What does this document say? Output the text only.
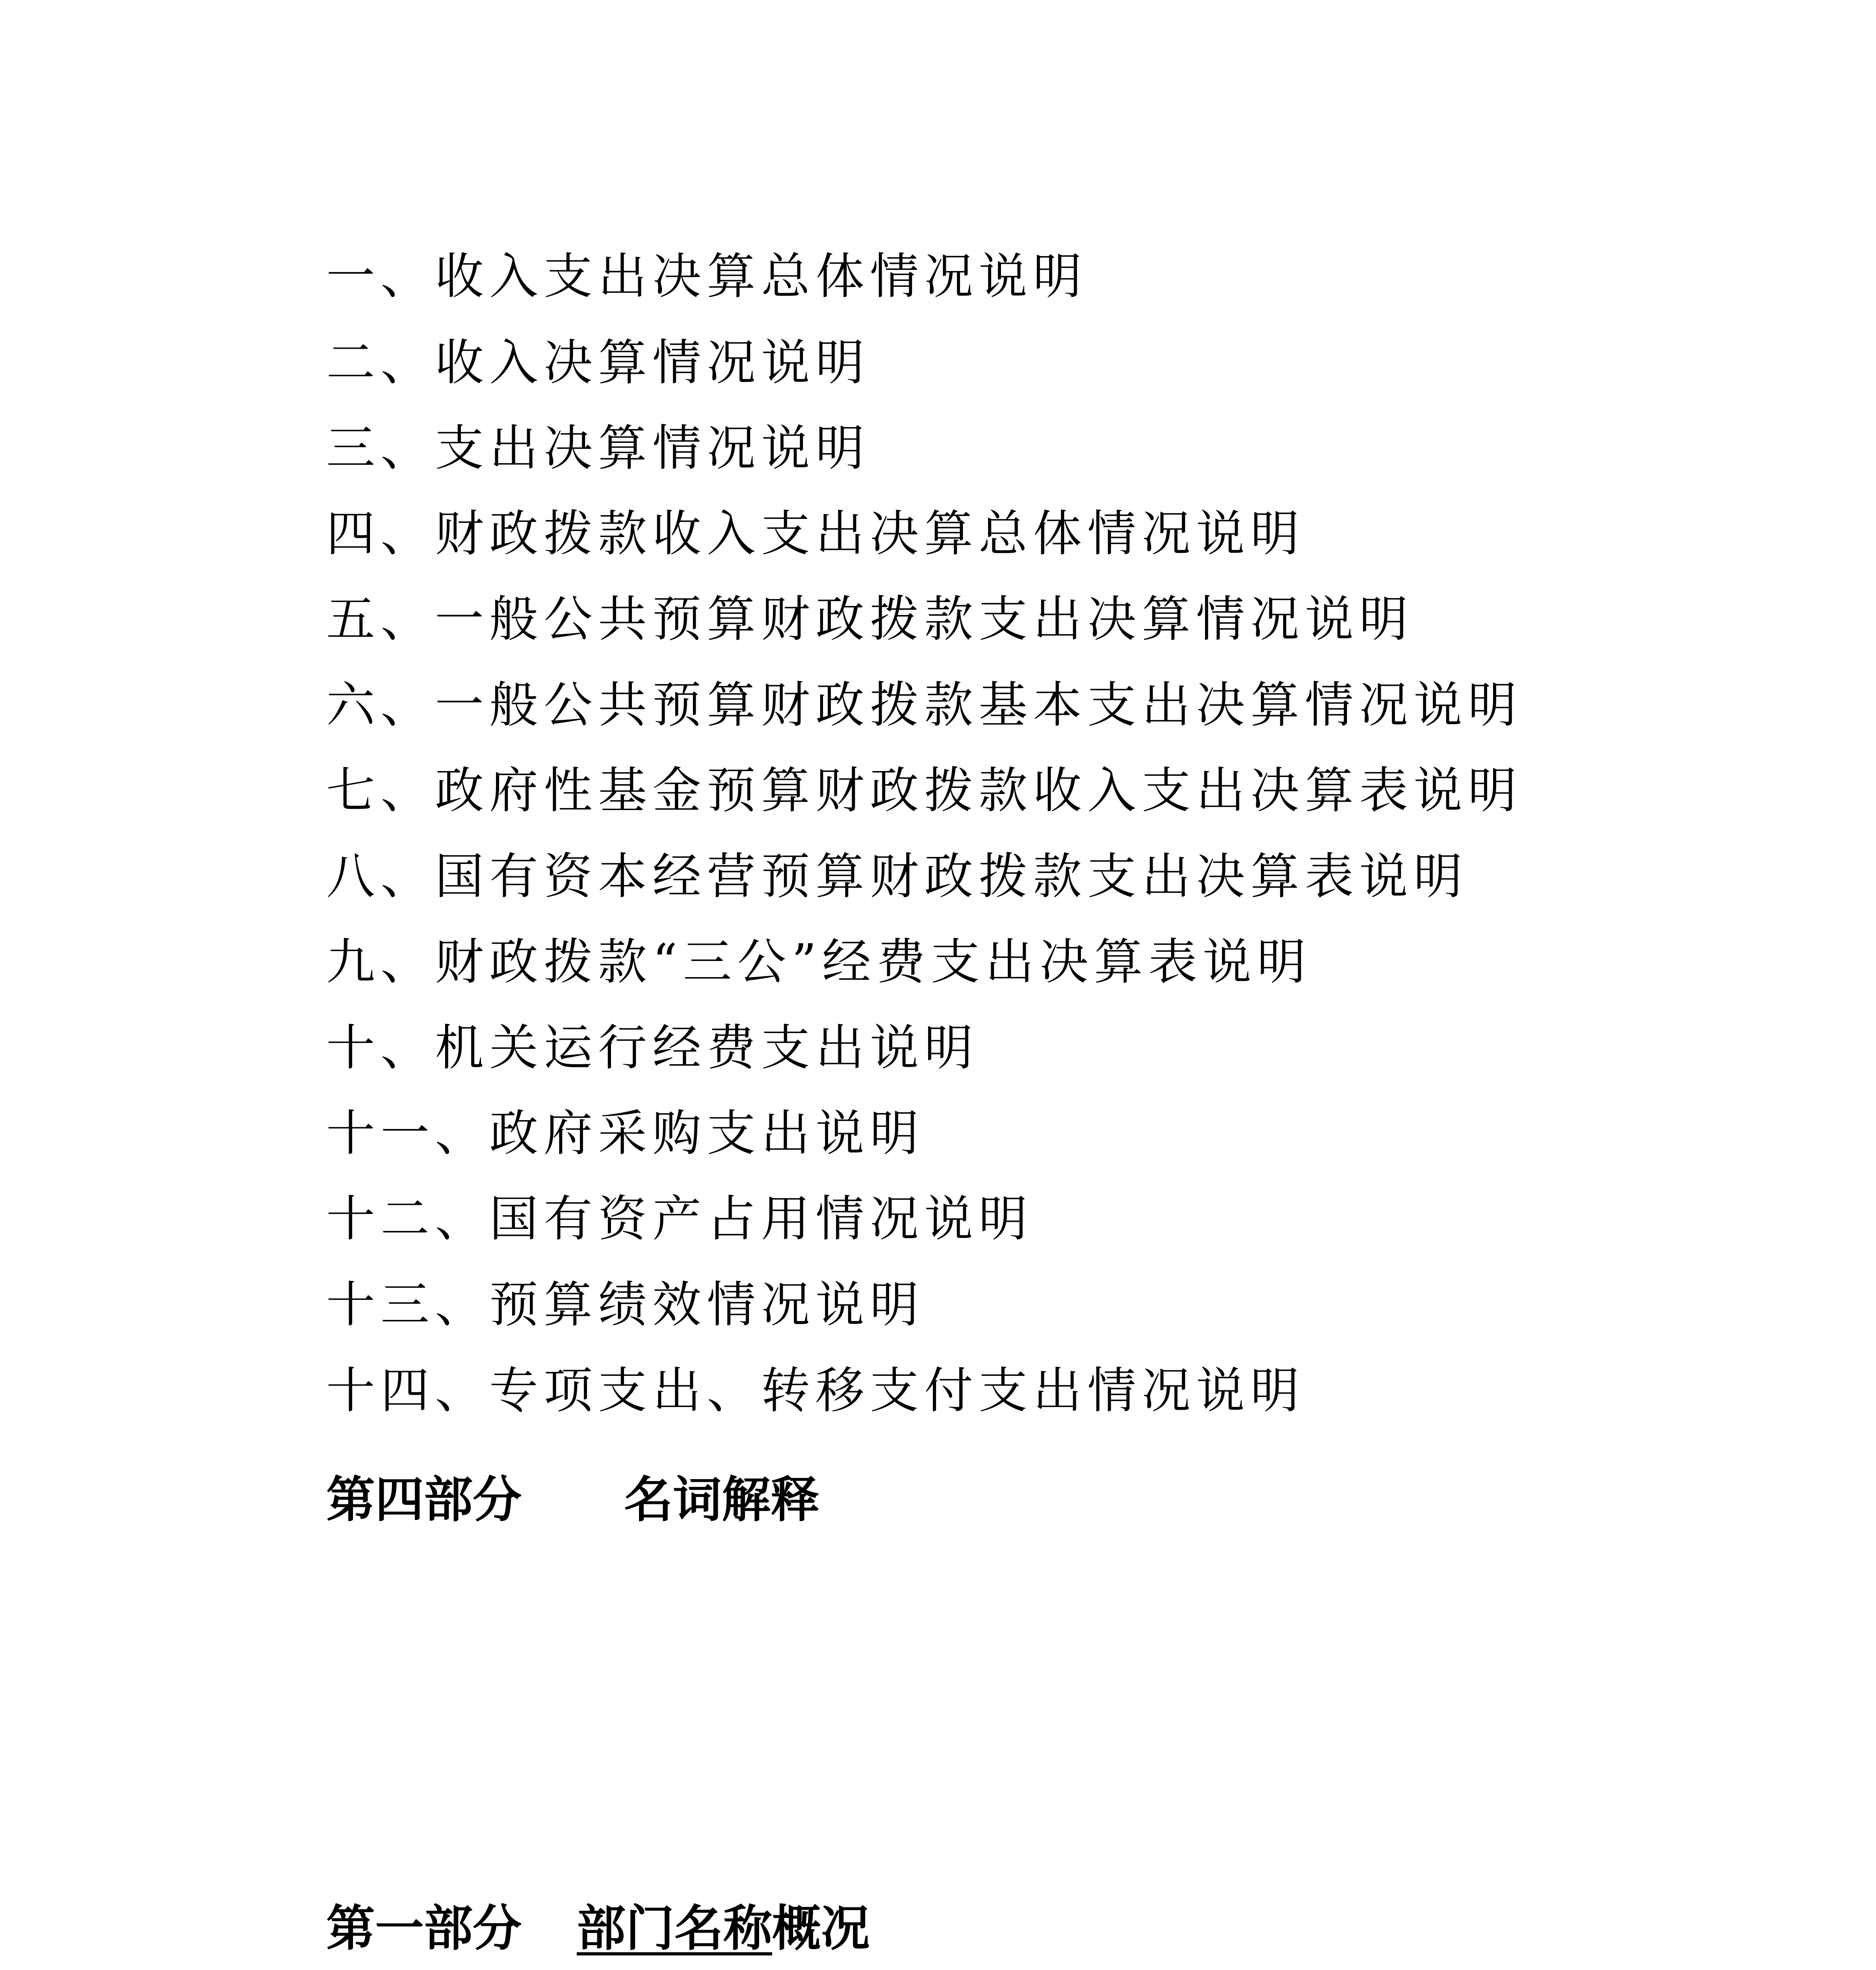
一、收入支出决算总体情况说明
二、收入决算情况说明
三、支出决算情况说明
四、财政拨款收入支出决算总体情况说明
五、一般公共预算财政拨款支出决算情况说明
六、一般公共预算财政拨款基本支出决算情况说明
七、政府性基金预算财政拨款收入支出决算表说明
八、国有资本经营预算财政拨款支出决算表说明
九、财政拨款“三公”经费支出决算表说明
十、机关运行经费支出说明
十一、政府采购支出说明
十二、国有资产占用情况说明
十三、预算绩效情况说明
十四、专项支出、转移支付支出情况说明
第四部分 名词解释
第一部分 部门名称概况
